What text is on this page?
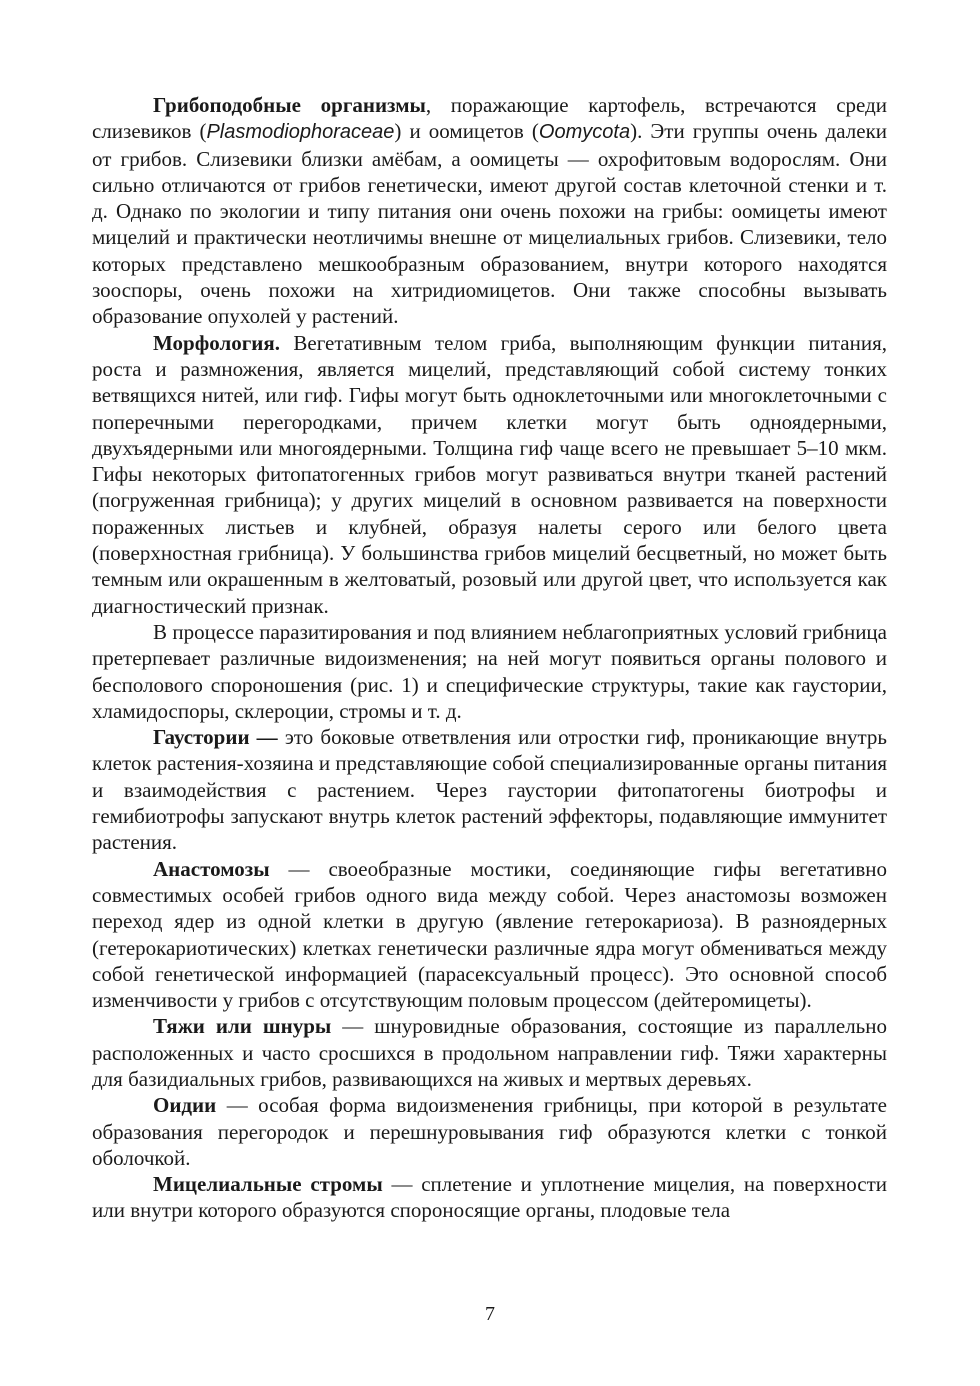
Грибоподобные организмы, поражающие картофель, встречаются среди слизевиков (Plasmodiophoraceae) и оомицетов (Oomycota). Эти группы очень далеки от грибов. Слизевики близки амёбам, а оомицеты — охрофитовым водорослям. Они сильно отличаются от грибов генетически, имеют другой состав клеточной стенки и т. д. Однако по экологии и типу питания они очень похожи на грибы: оомицеты имеют мицелий и практически неотличимы внешне от мицелиальных грибов. Слизевики, тело которых представлено мешкообразным образованием, внутри которого находятся зооспоры, очень похожи на хитридиомицетов. Они также способны вызывать образование опухолей у растений.

Морфология. Вегетативным телом гриба, выполняющим функции питания, роста и размножения, является мицелий, представляющий собой систему тонких ветвящихся нитей, или гиф. Гифы могут быть одноклеточными или многоклеточными с поперечными перегородками, причем клетки могут быть одноядерными, двухъядерными или многоядерными. Толщина гиф чаще всего не превышает 5–10 мкм. Гифы некоторых фитопатогенных грибов могут развиваться внутри тканей растений (погруженная грибница); у других мицелий в основном развивается на поверхности пораженных листьев и клубней, образуя налеты серого или белого цвета (поверхностная грибница). У большинства грибов мицелий бесцветный, но может быть темным или окрашенным в желтоватый, розовый или другой цвет, что используется как диагностический признак.

В процессе паразитирования и под влиянием неблагоприятных условий грибница претерпевает различные видоизменения; на ней могут появиться органы полового и бесполового спороношения (рис. 1) и специфические структуры, такие как гаустории, хламидоспоры, склероции, стромы и т. д.

Гаустории — это боковые ответвления или отростки гиф, проникающие внутрь клеток растения-хозяина и представляющие собой специализированные органы питания и взаимодействия с растением. Через гаустории фитопатогены биотрофы и гемибиотрофы запускают внутрь клеток растений эффекторы, подавляющие иммунитет растения.

Анастомозы — своеобразные мостики, соединяющие гифы вегетативно совместимых особей грибов одного вида между собой. Через анастомозы возможен переход ядер из одной клетки в другую (явление гетерокариоза). В разноядерных (гетерокариотических) клетках генетически различные ядра могут обмениваться между собой генетической информацией (парасексуальный процесс). Это основной способ изменчивости у грибов с отсутствующим половым процессом (дейтеромицеты).

Тяжи или шнуры — шнуровидные образования, состоящие из параллельно расположенных и часто сросшихся в продольном направлении гиф. Тяжи характерны для базидиальных грибов, развивающихся на живых и мертвых деревьях.

Оидии — особая форма видоизменения грибницы, при которой в результате образования перегородок и перешнуровывания гиф образуются клетки с тонкой оболочкой.

Мицелиальные стромы — сплетение и уплотнение мицелия, на поверхности или внутри которого образуются спороносящие органы, плодовые тела

7
